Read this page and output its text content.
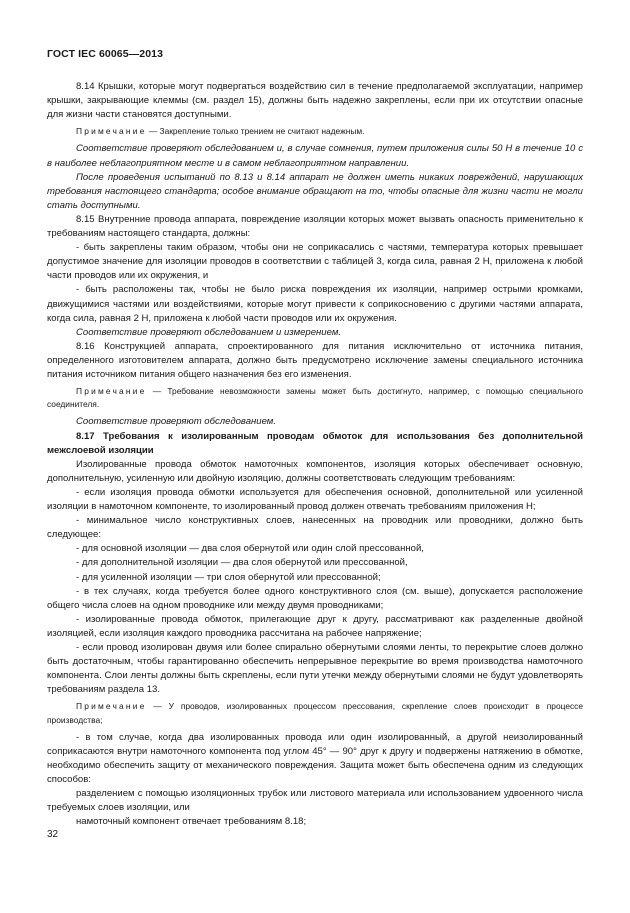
ГОСТ IEC 60065—2013

8.14 Крышки, которые могут подвергаться воздействию сил в течение предполагаемой эксплуатации, например крышки, закрывающие клеммы (см. раздел 15), должны быть надежно закреплены, если при их отсутствии опасные для жизни части становятся доступными.

Примечание — Закрепление только трением не считают надежным.

Соответствие проверяют обследованием и, в случае сомнения, путем приложения силы 50 Н в течение 10 с в наиболее неблагоприятном месте и в самом неблагоприятном направлении.

После проведения испытаний по 8.13 и 8.14 аппарат не должен иметь никаких повреждений, нарушающих требования настоящего стандарта; особое внимание обращают на то, чтобы опасные для жизни части не могли стать доступными.

8.15 Внутренние провода аппарата, повреждение изоляции которых может вызвать опасность применительно к требованиям настоящего стандарта, должны:

- быть закреплены таким образом, чтобы они не соприкасались с частями, температура которых превышает допустимое значение для изоляции проводов в соответствии с таблицей 3, когда сила, равная 2 Н, приложена к любой части проводов или их окружения, и

- быть расположены так, чтобы не было риска повреждения их изоляции, например острыми кромками, движущимися частями или воздействиями, которые могут привести к соприкосновению с другими частями аппарата, когда сила, равная 2 Н, приложена к любой части проводов или их окружения.

Соответствие проверяют обследованием и измерением.

8.16 Конструкцией аппарата, спроектированного для питания исключительно от источника питания, определенного изготовителем аппарата, должно быть предусмотрено исключение замены специального источника питания источником питания общего назначения без его изменения.

Примечание — Требование невозможности замены может быть достигнуто, например, с помощью специального соединителя.

Соответствие проверяют обследованием.

8.17 Требования к изолированным проводам обмоток для использования без дополнительной межслоевой изоляции

Изолированные провода обмоток намоточных компонентов, изоляция которых обеспечивает основную, дополнительную, усиленную или двойную изоляцию, должны соответствовать следующим требованиям:

- если изоляция провода обмотки используется для обеспечения основной, дополнительной или усиленной изоляции в намоточном компоненте, то изолированный провод должен отвечать требованиям приложения Н;

- минимальное число конструктивных слоев, нанесенных на проводник или проводники, должно быть следующее:

- для основной изоляции — два слоя обернутой или один слой прессованной,

- для дополнительной изоляции — два слоя обернутой или прессованной,

- для усиленной изоляции — три слоя обернутой или прессованной;

- в тех случаях, когда требуется более одного конструктивного слоя (см. выше), допускается расположение общего числа слоев на одном проводнике или между двумя проводниками;

- изолированные провода обмоток, прилегающие друг к другу, рассматривают как разделенные двойной изоляцией, если изоляция каждого проводника рассчитана на рабочее напряжение;

- если провод изолирован двумя или более спирально обернутыми слоями ленты, то перекрытие слоев должно быть достаточным, чтобы гарантированно обеспечить непрерывное перекрытие во время производства намоточного компонента. Слои ленты должны быть скреплены, если пути утечки между обернутыми слоями не будут удовлетворять требованиям раздела 13.

Примечание — У проводов, изолированных процессом прессования, скрепление слоев происходит в процессе производства;

- в том случае, когда два изолированных провода или один изолированный, а другой неизолированный соприкасаются внутри намоточного компонента под углом 45° — 90° друг к другу и подвержены натяжению в обмотке, необходимо обеспечить защиту от механического повреждения. Защита может быть обеспечена одним из следующих способов:

разделением с помощью изоляционных трубок или листового материала или использованием удвоенного числа требуемых слоев изоляции, или

намоточный компонент отвечает требованиям 8.18;

32
